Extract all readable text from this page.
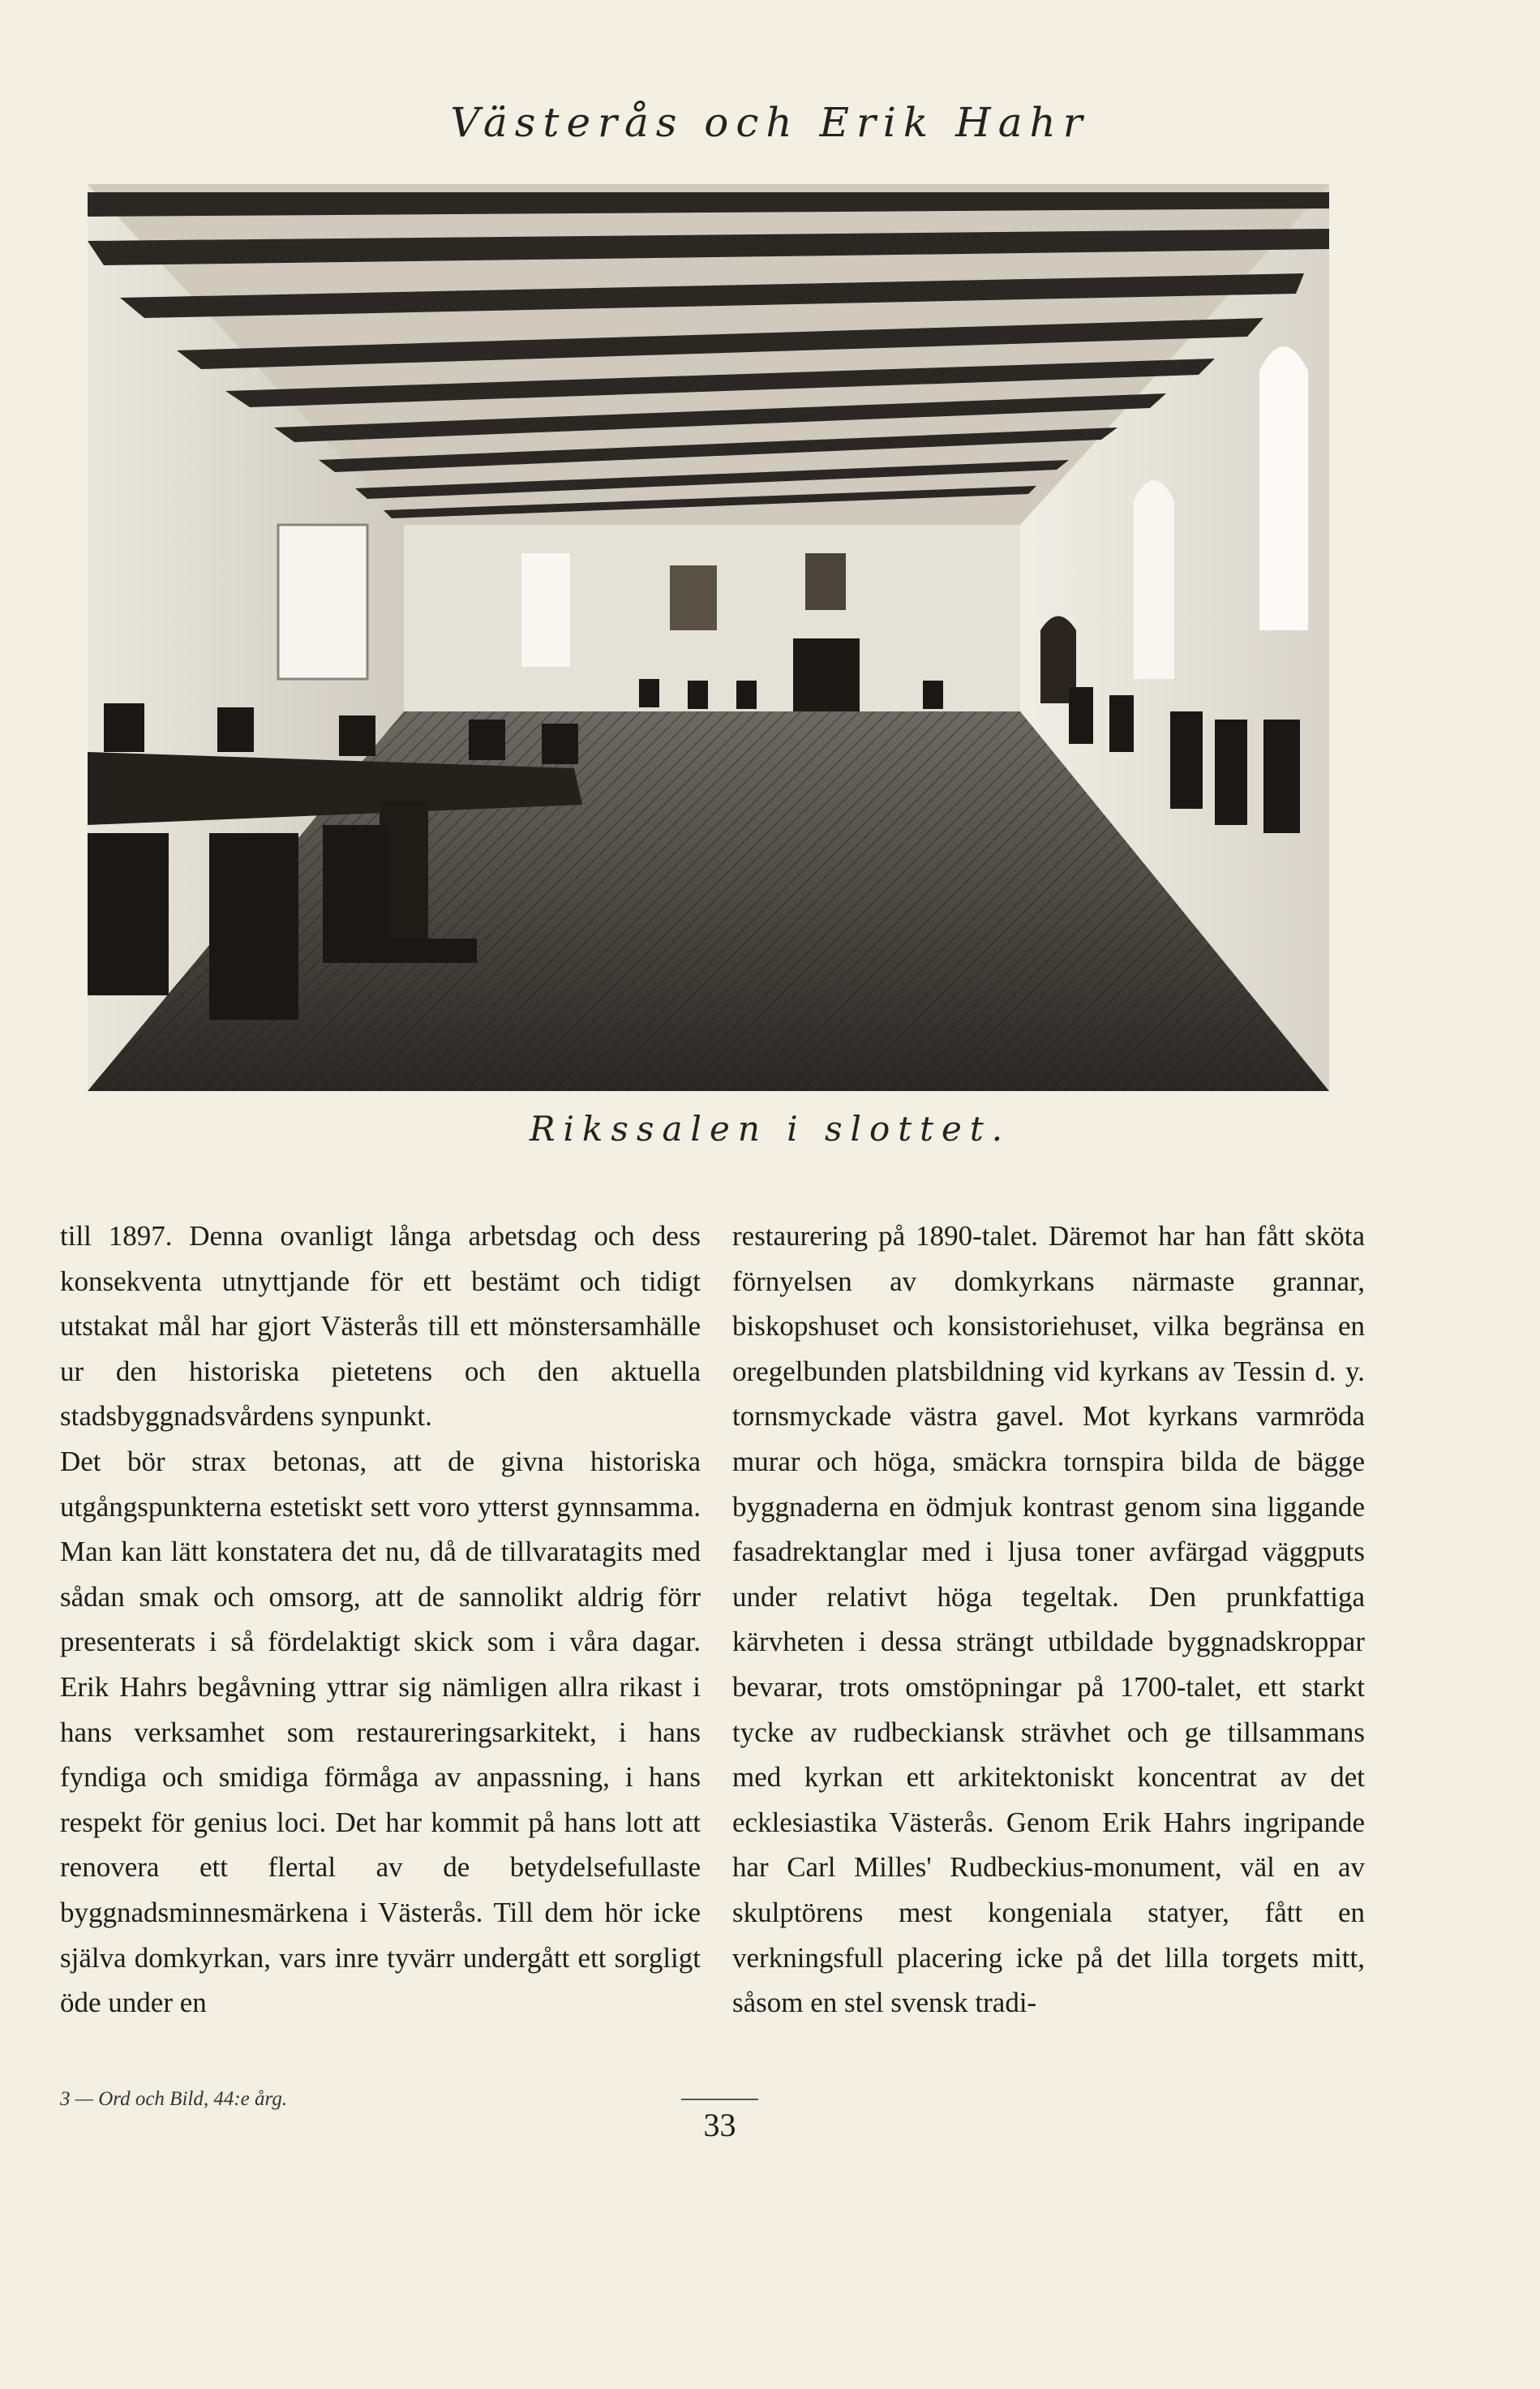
Västerås och Erik Hahr
Rikssalen i slottet.

till 1897. Denna ovanligt långa arbetsdag och dess konsekventa utnyttjande för ett bestämt och tidigt utstakat mål har gjort Västerås till ett mönstersamhälle ur den historiska pietetens och den aktuella stadsbyggnadsvårdens synpunkt.

Det bör strax betonas, att de givna historiska utgångspunkterna estetiskt sett voro ytterst gynnsamma. Man kan lätt konstatera det nu, då de tillvaratagits med sådan smak och omsorg, att de sannolikt aldrig förr presenterats i så fördelaktigt skick som i våra dagar. Erik Hahrs begåvning yttrar sig nämligen allra rikast i hans verksamhet som restaureringsarkitekt, i hans fyndiga och smidiga förmåga av anpassning, i hans respekt för genius loci. Det har kommit på hans lott att renovera ett flertal av de betydelsefullaste byggnadsminnesmärkena i Västerås. Till dem hör icke själva domkyrkan, vars inre tyvärr undergått ett sorgligt öde under en

restaurering på 1890-talet. Däremot har han fått sköta förnyelsen av domkyrkans närmaste grannar, biskopshuset och konsistoriehuset, vilka begränsa en oregelbunden platsbildning vid kyrkans av Tessin d. y. tornsmyckade västra gavel. Mot kyrkans varmröda murar och höga, smäckra tornspira bilda de bägge byggnaderna en ödmjuk kontrast genom sina liggande fasadrektanglar med i ljusa toner avfärgad väggputs under relativt höga tegeltak. Den prunkfattiga kärvheten i dessa strängt utbildade byggnadskroppar bevarar, trots omstöpningar på 1700-talet, ett starkt tycke av rudbeckiansk strävhet och ge tillsammans med kyrkan ett arkitektoniskt koncentrat av det ecklesiastika Västerås. Genom Erik Hahrs ingripande har Carl Milles' Rudbeckius-monument, väl en av skulptörens mest kongeniala statyer, fått en verkningsfull placering icke på det lilla torgets mitt, såsom en stel svensk tradi-

3 — Ord och Bild, 44:e årg.
33
